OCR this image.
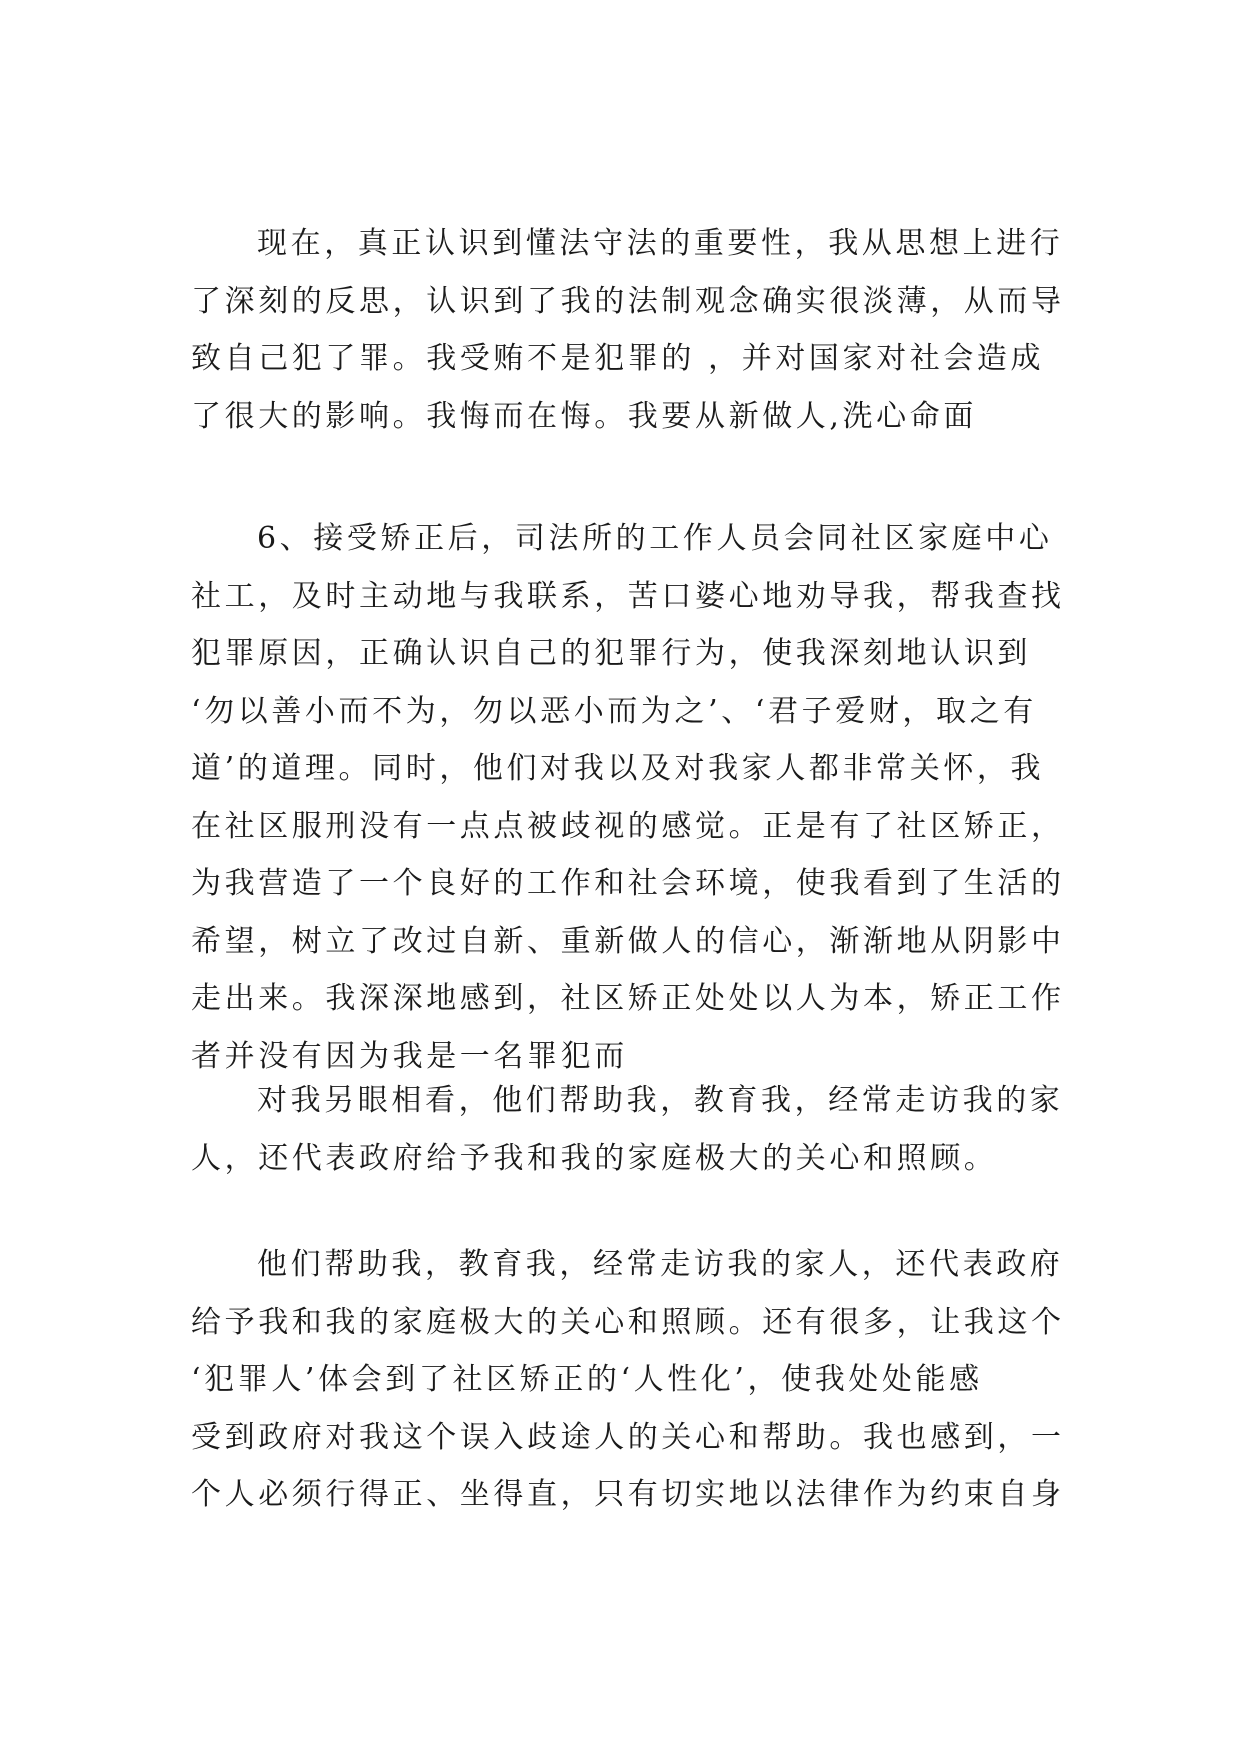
现在，真正认识到懂法守法的重要性，我从思想上进行
了深刻的反思，认识到了我的法制观念确实很淡薄，从而导
致自己犯了罪。我受贿不是犯罪的 ，并对国家对社会造成
了很大的影响。我悔而在悔。我要从新做人,洗心命面
6、接受矫正后，司法所的工作人员会同社区家庭中心
社工，及时主动地与我联系，苦口婆心地劝导我，帮我查找
犯罪原因，正确认识自己的犯罪行为，使我深刻地认识到
‘勿以善小而不为，勿以恶小而为之’、‘君子爱财，取之有
道’的道理。同时，他们对我以及对我家人都非常关怀，我
在社区服刑没有一点点被歧视的感觉。正是有了社区矫正，
为我营造了一个良好的工作和社会环境，使我看到了生活的
希望，树立了改过自新、重新做人的信心，渐渐地从阴影中
走出来。我深深地感到，社区矫正处处以人为本，矫正工作
者并没有因为我是一名罪犯而
对我另眼相看，他们帮助我，教育我，经常走访我的家
人，还代表政府给予我和我的家庭极大的关心和照顾。
他们帮助我，教育我，经常走访我的家人，还代表政府
给予我和我的家庭极大的关心和照顾。还有很多，让我这个
‘犯罪人’体会到了社区矫正的‘人性化’，使我处处能感
受到政府对我这个误入歧途人的关心和帮助。我也感到，一
个人必须行得正、坐得直，只有切实地以法律作为约束自身
